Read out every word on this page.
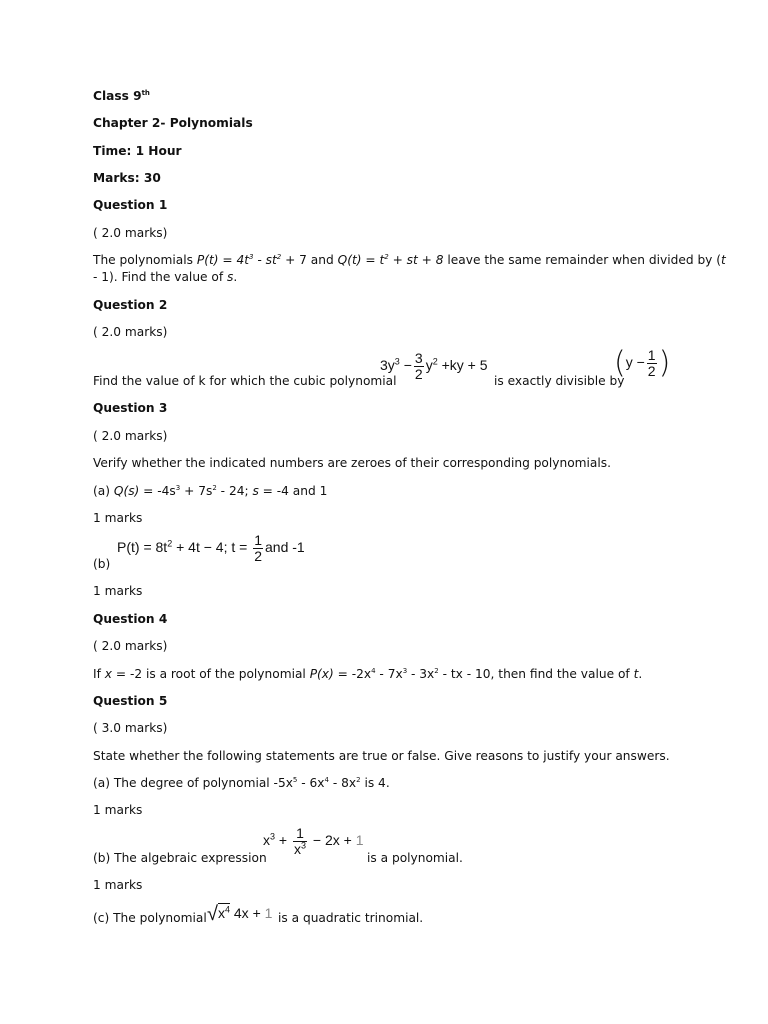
Class 9th
Chapter 2- Polynomials
Time: 1 Hour
Marks: 30
Question 1
( 2.0 marks)
The polynomials $P(t) = 4t^3 - st^2 + 7$ and $Q(t) = t^2$ + st + 8 leave the same remainder when divided by (t
- 1). Find the value of s.
Question 2
( 2.0 marks)
Find the value of k for which the cubic polynomial
$3y^3 - \frac{3}{2} y^2 +ky + 5$
is exactly divisible by
($y - \frac{1}{2}$ )
Question 3
( 2.0 marks)
Verify whether the indicated numbers are zeroes of their corresponding polynomials.
(a) $Q(s) = -4s^3 + 7s^2 - 24$; s = -4 and 1
1 marks
(b)
$P(t) = 8t^2 + 4t - 4$; $t = \frac{1}{2}$ and -1
1 marks
Question 4
( 2.0 marks)
If x = -2 is a root of the polynomial $P(x) = -2x^4 - 7x^3 - 3x^2$ - tx - 10, then find the value of t.
Question 5
( 3.0 marks)
State whether the following statements are true or false. Give reasons to justify your answers.
(a) The degree of polynomial $-5x^5 - 6x^4 - 8x^2$ is 4.
1 marks
(b) The algebraic expression
$x^3 + \frac{1}{x^3} - 2x + 1$
is a polynomial.
1 marks
(c) The polynomial $√x^4$ 4x + 1 is a quadratic trinomial.
